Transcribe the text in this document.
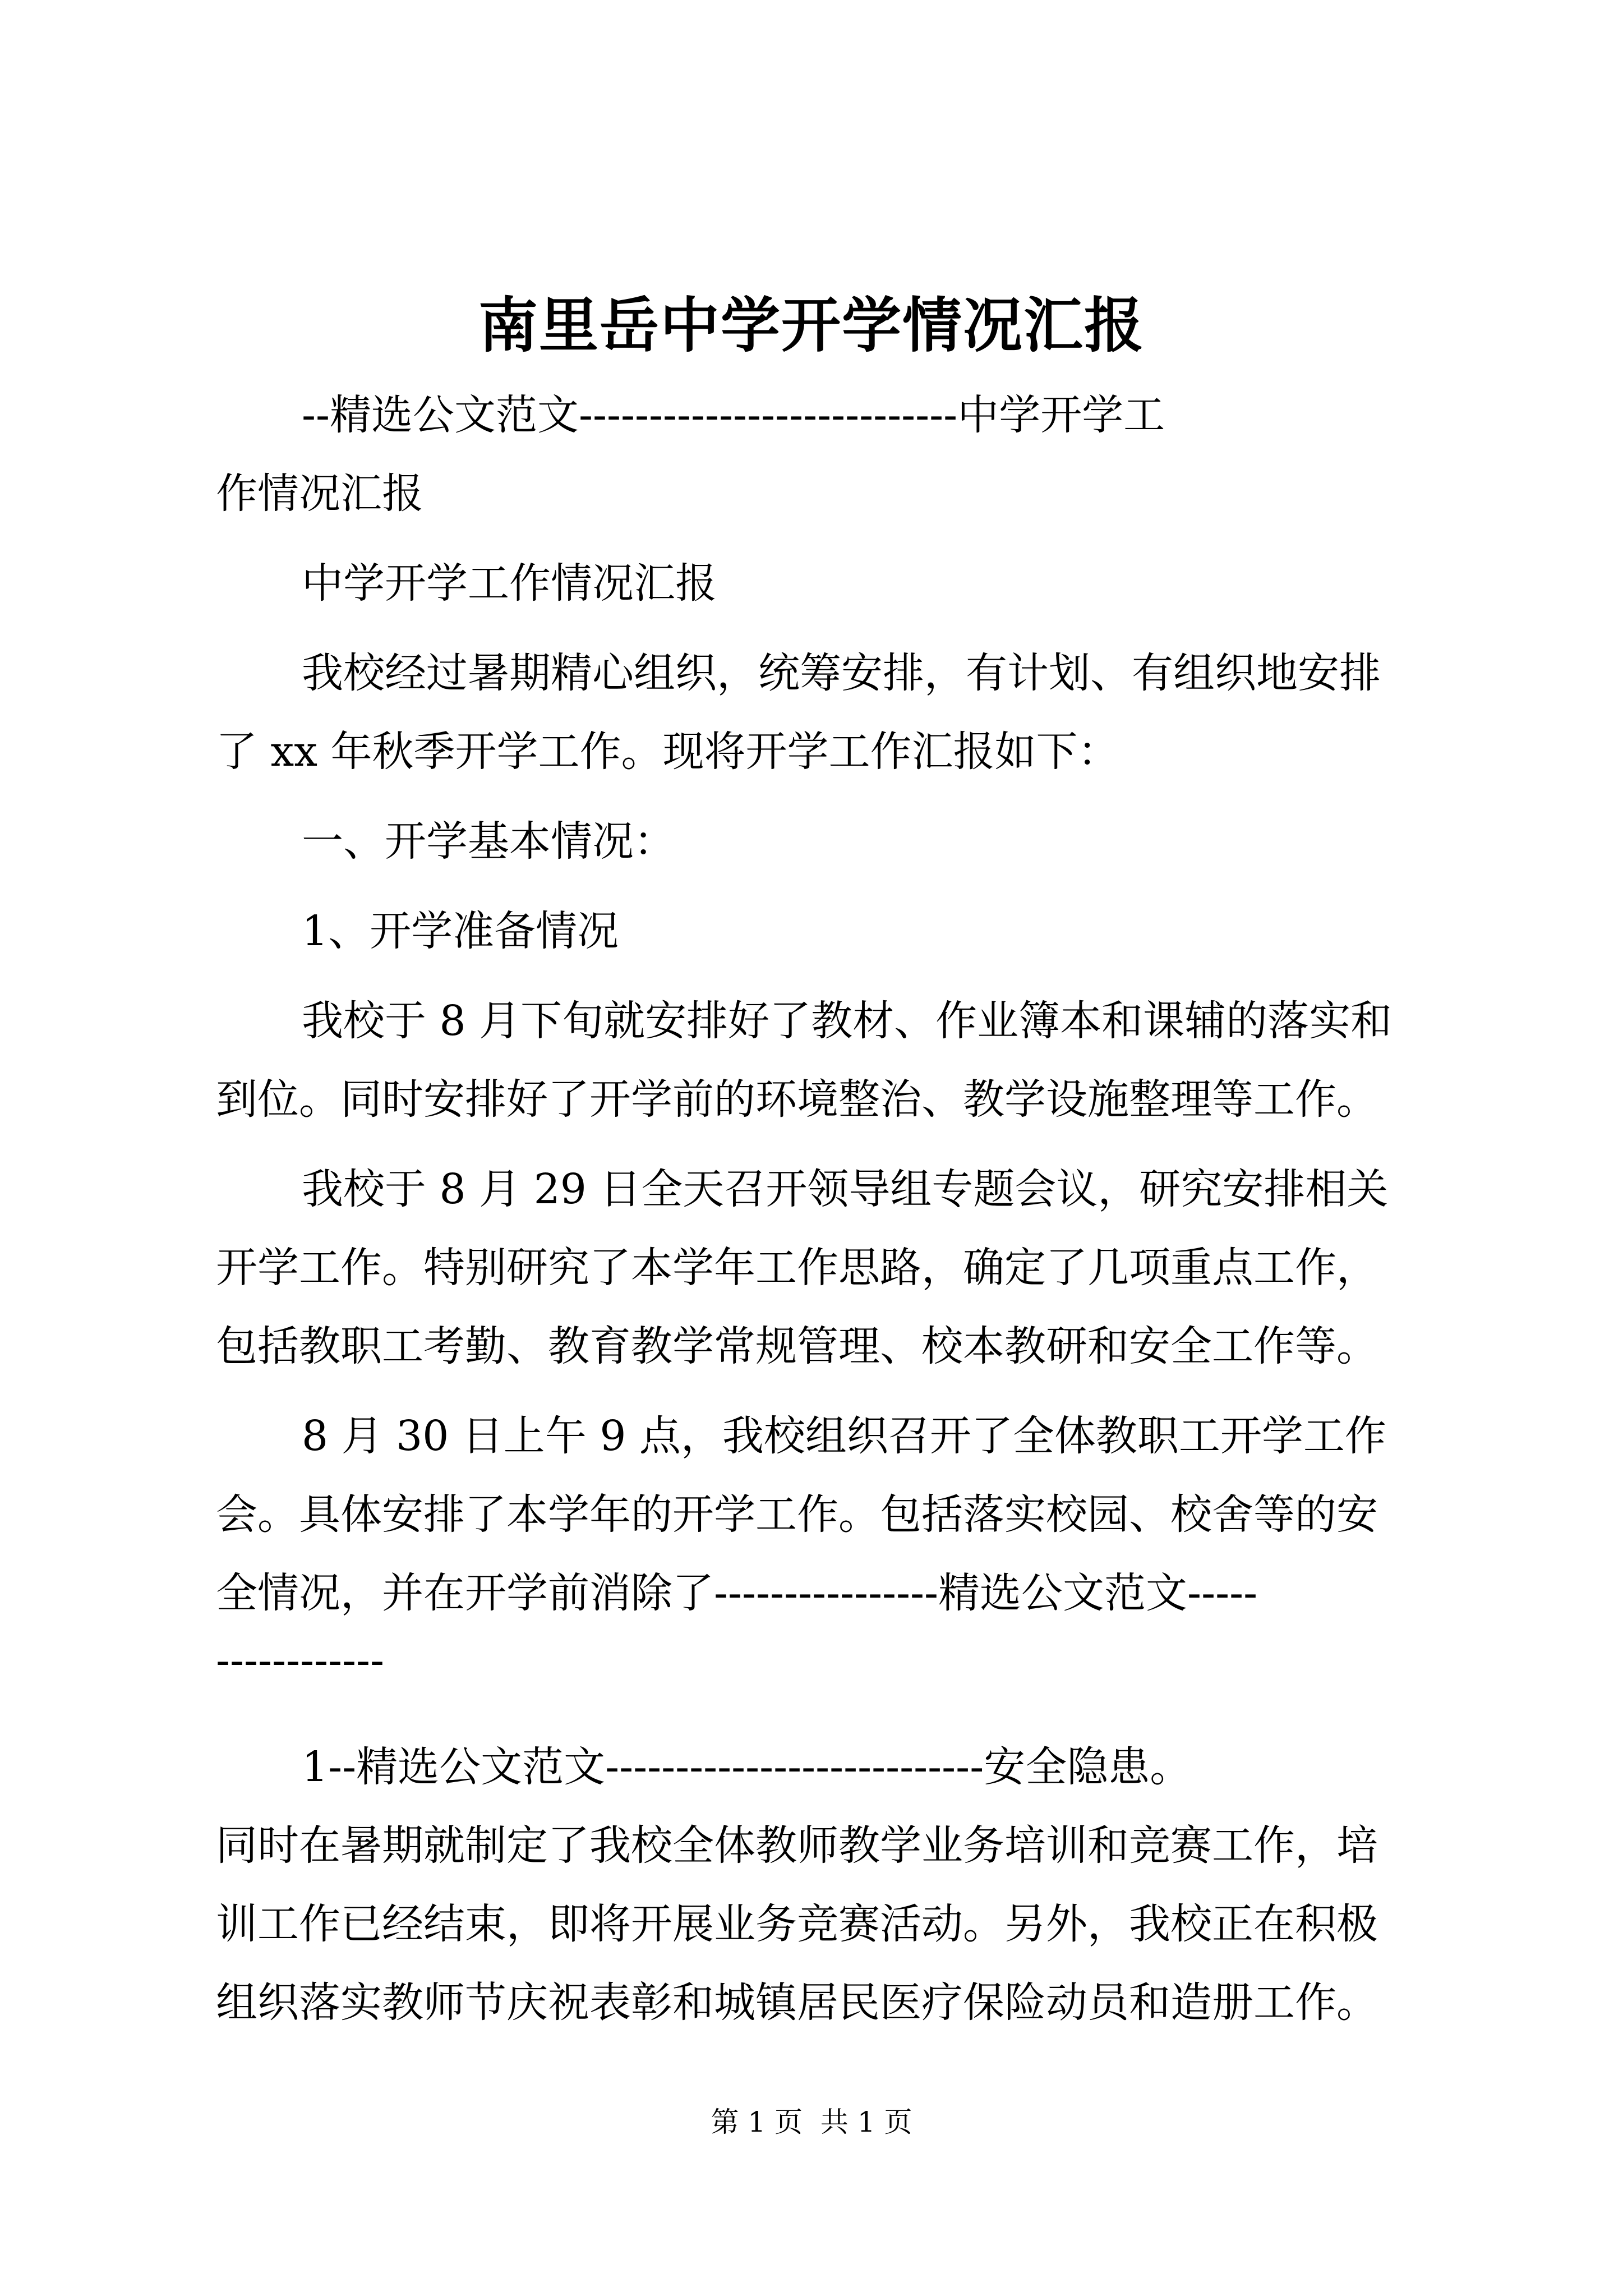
南里岳中学开学情况汇报
--精选公文范文---------------------------中学开学工
作情况汇报
中学开学工作情况汇报
我校经过暑期精心组织，统筹安排，有计划、有组织地安排
了 xx 年秋季开学工作。现将开学工作汇报如下：
一、开学基本情况：
1、开学准备情况
我校于 8 月下旬就安排好了教材、作业簿本和课辅的落实和
到位。同时安排好了开学前的环境整治、教学设施整理等工作。
我校于 8 月 29 日全天召开领导组专题会议，研究安排相关
开学工作。特别研究了本学年工作思路，确定了几项重点工作，
包括教职工考勤、教育教学常规管理、校本教研和安全工作等。
8 月 30 日上午 9 点，我校组织召开了全体教职工开学工作
会。具体安排了本学年的开学工作。包括落实校园、校舍等的安
全情况，并在开学前消除了----------------精选公文范文-----
------------
1--精选公文范文---------------------------安全隐患。
同时在暑期就制定了我校全体教师教学业务培训和竞赛工作，培
训工作已经结束，即将开展业务竞赛活动。另外，我校正在积极
组织落实教师节庆祝表彰和城镇居民医疗保险动员和造册工作。
第 1 页  共 1 页
